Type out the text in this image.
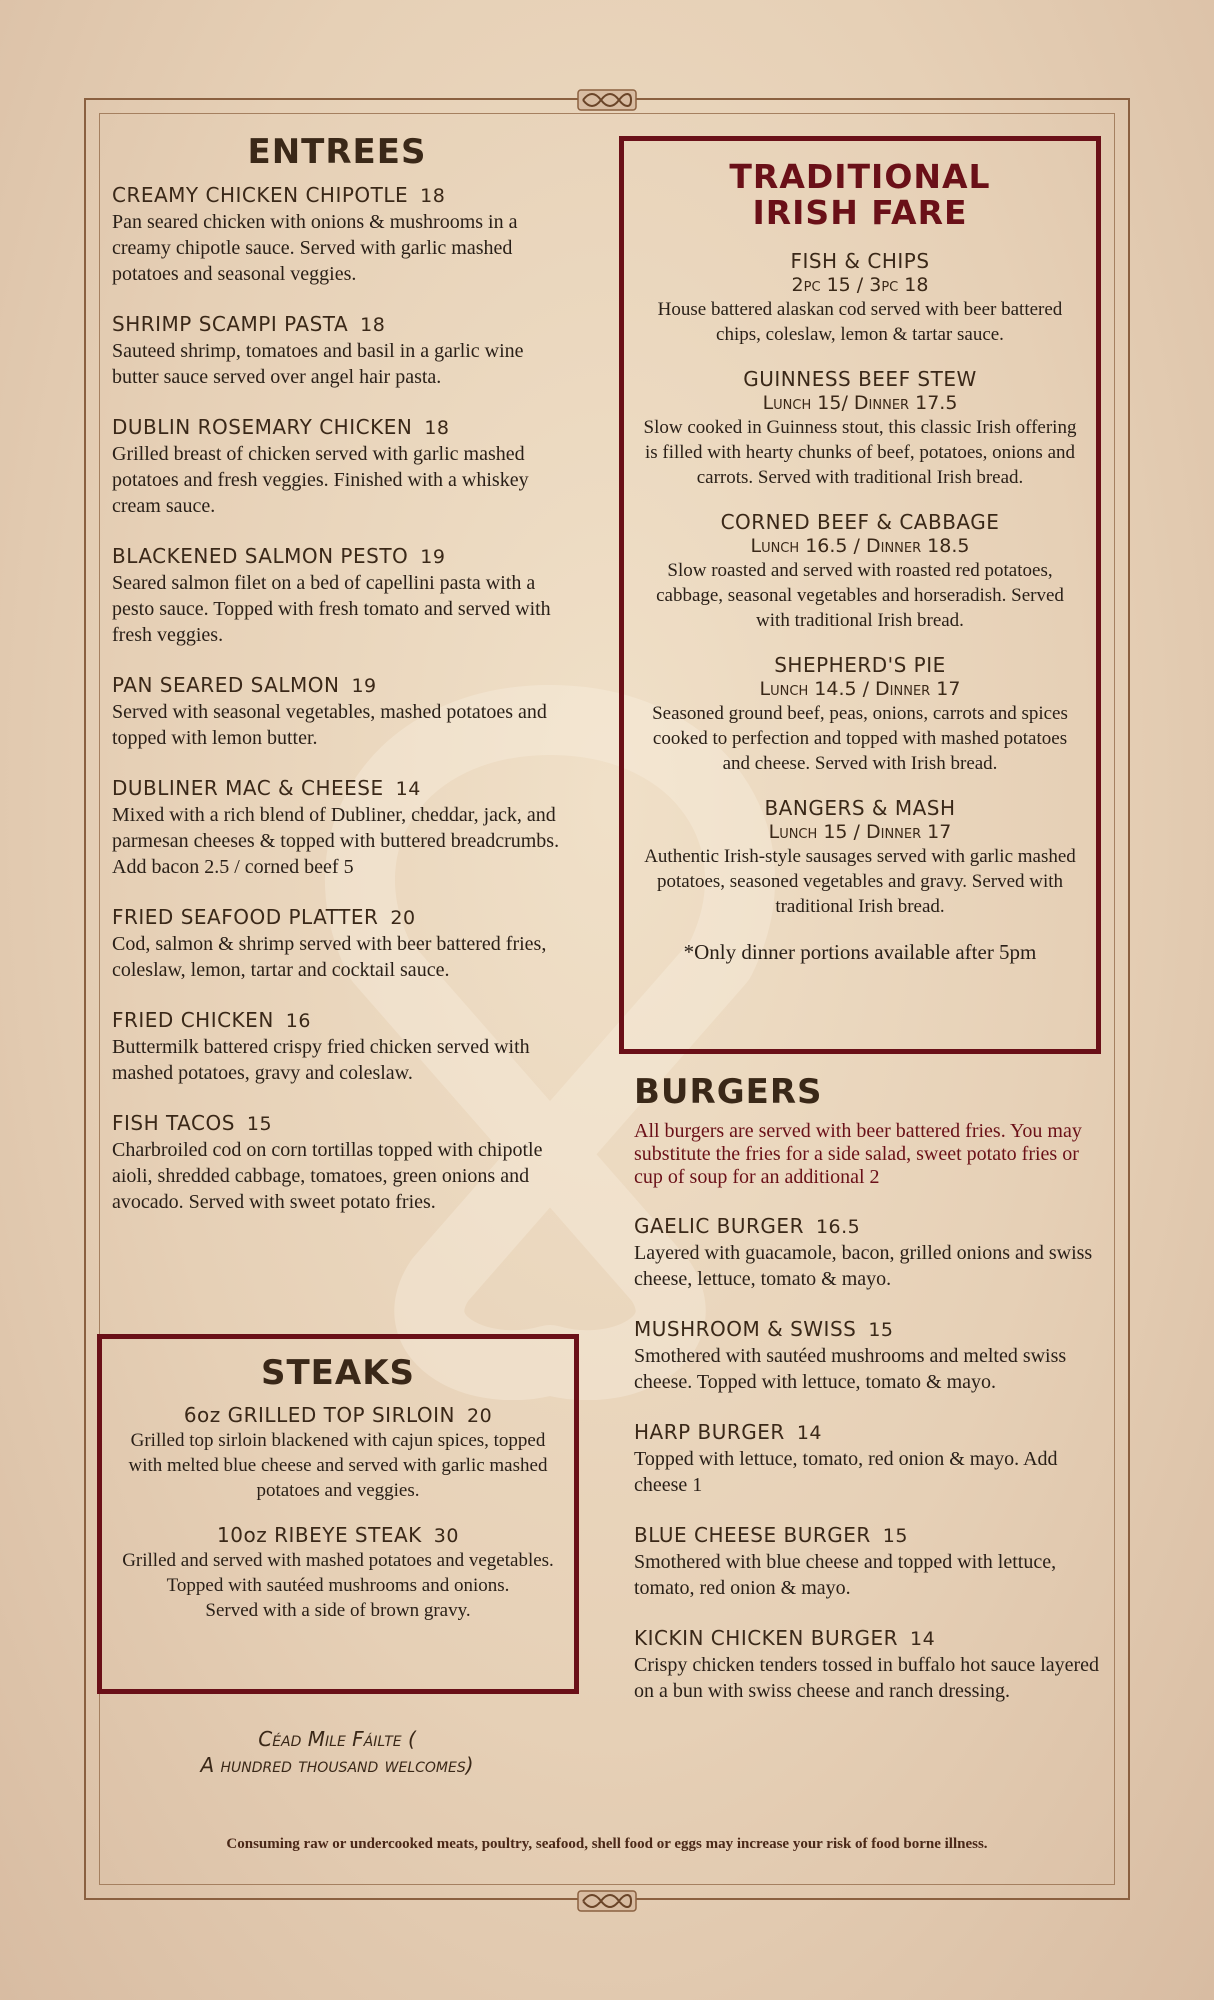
ENTREES
CREAMY CHICKEN CHIPOTLE 18
Pan seared chicken with onions & mushrooms in a creamy chipotle sauce. Served with garlic mashed potatoes and seasonal veggies.
SHRIMP SCAMPI PASTA 18
Sauteed shrimp, tomatoes and basil in a garlic wine butter sauce served over angel hair pasta.
DUBLIN ROSEMARY CHICKEN 18
Grilled breast of chicken served with garlic mashed potatoes and fresh veggies. Finished with a whiskey cream sauce.
BLACKENED SALMON PESTO 19
Seared salmon filet on a bed of capellini pasta with a pesto sauce. Topped with fresh tomato and served with fresh veggies.
PAN SEARED SALMON 19
Served with seasonal vegetables, mashed potatoes and topped with lemon butter.
DUBLINER MAC & CHEESE 14
Mixed with a rich blend of Dubliner, cheddar, jack, and parmesan cheeses & topped with buttered breadcrumbs.
Add bacon 2.5 / corned beef 5
FRIED SEAFOOD PLATTER 20
Cod, salmon & shrimp served with beer battered fries, coleslaw, lemon, tartar and cocktail sauce.
FRIED CHICKEN 16
Buttermilk battered crispy fried chicken served with mashed potatoes, gravy and coleslaw.
FISH TACOS 15
Charbroiled cod on corn tortillas topped with chipotle aioli, shredded cabbage, tomatoes, green onions and avocado. Served with sweet potato fries.
TRADITIONAL
IRISH FARE
FISH & CHIPS
2pc 15 / 3pc 18
House battered alaskan cod served with beer battered chips, coleslaw, lemon & tartar sauce.
GUINNESS BEEF STEW
Lunch 15/ Dinner 17.5
Slow cooked in Guinness stout, this classic Irish offering is filled with hearty chunks of beef, potatoes, onions and carrots. Served with traditional Irish bread.
CORNED BEEF & CABBAGE
Lunch 16.5 / Dinner 18.5
Slow roasted and served with roasted red potatoes, cabbage, seasonal vegetables and horseradish. Served with traditional Irish bread.
SHEPHERD'S PIE
Lunch 14.5 / Dinner 17
Seasoned ground beef, peas, onions, carrots and spices cooked to perfection and topped with mashed potatoes and cheese. Served with Irish bread.
BANGERS & MASH
Lunch 15 / Dinner 17
Authentic Irish-style sausages served with garlic mashed potatoes, seasoned vegetables and gravy. Served with traditional Irish bread.
*Only dinner portions available after 5pm
STEAKS
6oz GRILLED TOP SIRLOIN 20
Grilled top sirloin blackened with cajun spices, topped with melted blue cheese and served with garlic mashed potatoes and veggies.
10oz RIBEYE STEAK 30
Grilled and served with mashed potatoes and vegetables. Topped with sautéed mushrooms and onions.
Served with a side of brown gravy.
BURGERS
All burgers are served with beer battered fries. You may substitute the fries for a side salad, sweet potato fries or cup of soup for an additional 2
GAELIC BURGER 16.5
Layered with guacamole, bacon, grilled onions and swiss cheese, lettuce, tomato & mayo.
MUSHROOM & SWISS 15
Smothered with sautéed mushrooms and melted swiss cheese. Topped with lettuce, tomato & mayo.
HARP BURGER 14
Topped with lettuce, tomato, red onion & mayo. Add cheese 1
BLUE CHEESE BURGER 15
Smothered with blue cheese and topped with lettuce, tomato, red onion & mayo.
KICKIN CHICKEN BURGER 14
Crispy chicken tenders tossed in buffalo hot sauce layered on a bun with swiss cheese and ranch dressing.
Céad Mile Fáilte (
A hundred thousand welcomes)
Consuming raw or undercooked meats, poultry, seafood, shell food or eggs may increase your risk of food borne illness.
